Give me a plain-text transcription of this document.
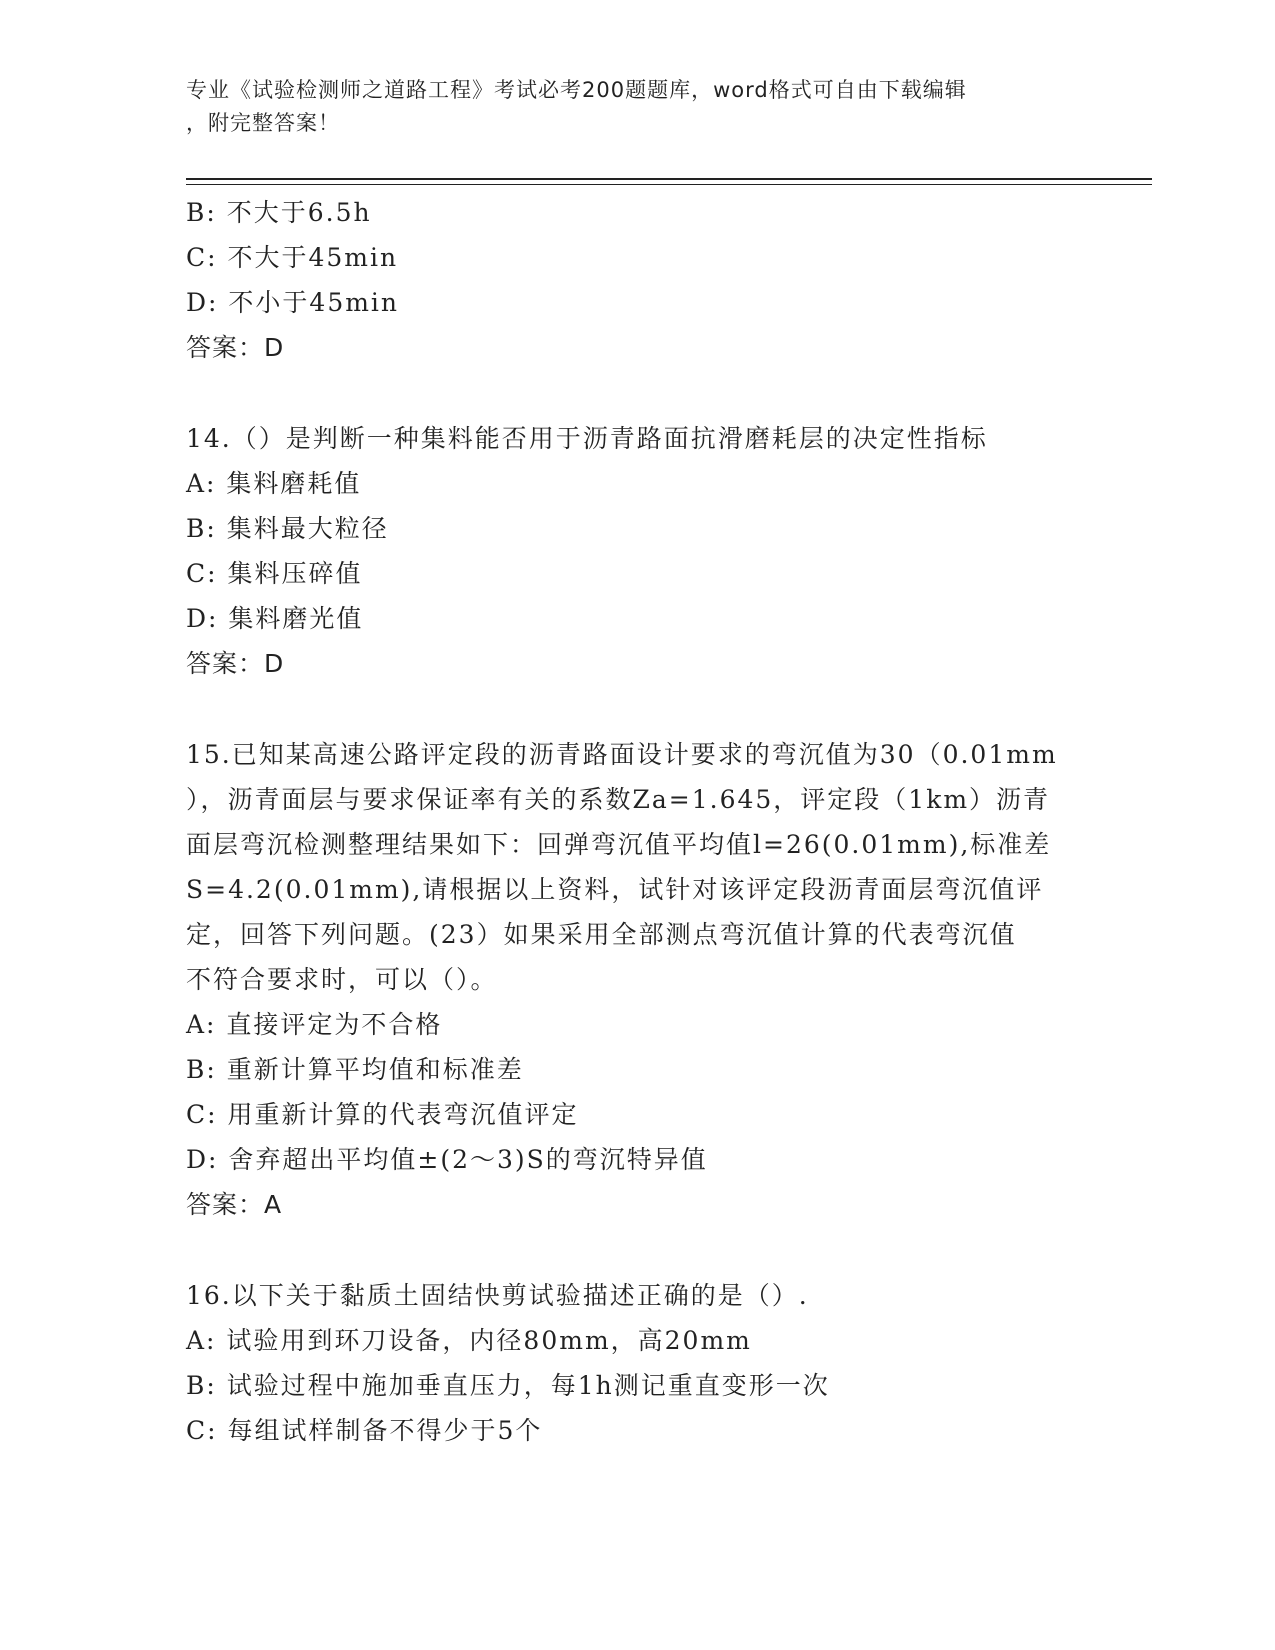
专业《试验检测师之道路工程》考试必考200题题库，word格式可自由下载编辑
，附完整答案！
B: 不大于6.5h
C: 不大于45min
D: 不小于45min
答案：D
14.（）是判断一种集料能否用于沥青路面抗滑磨耗层的决定性指标
A: 集料磨耗值
B: 集料最大粒径
C: 集料压碎值
D: 集料磨光值
答案：D
15.已知某高速公路评定段的沥青路面设计要求的弯沉值为30（0.01mm
），沥青面层与要求保证率有关的系数Za=1.645，评定段（1km）沥青
面层弯沉检测整理结果如下：回弹弯沉值平均值l=26(0.01mm),标准差
S=4.2(0.01mm),请根据以上资料，试针对该评定段沥青面层弯沉值评
定，回答下列问题。(23）如果采用全部测点弯沉值计算的代表弯沉值
不符合要求时，可以（）。
A: 直接评定为不合格
B: 重新计算平均值和标准差
C: 用重新计算的代表弯沉值评定
D: 舍弃超出平均值±(2～3)S的弯沉特异值
答案：A
16.以下关于黏质土固结快剪试验描述正确的是（）.
A: 试验用到环刀设备，内径80mm，高20mm
B: 试验过程中施加垂直压力，每1h测记重直变形一次
C: 每组试样制备不得少于5个
